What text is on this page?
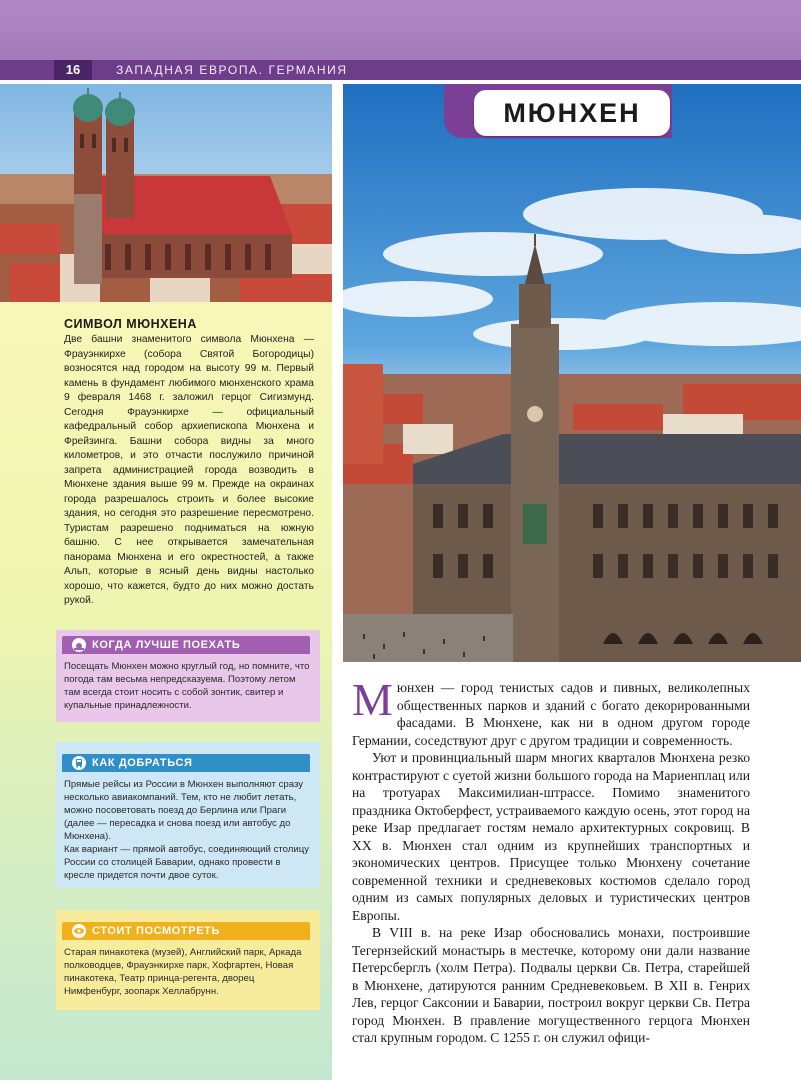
16	ЗАПАДНАЯ ЕВРОПА. ГЕРМАНИЯ
МЮНХЕН
СИМВОЛ МЮНХЕНА
Две башни знаменитого символа Мюнхена — Фрауэнкирхе (собора Святой Богородицы) возносятся над городом на высоту 99 м. Первый камень в фундамент любимого мюнхенского храма 9 февраля 1468 г. заложил герцог Сигизмунд. Сегодня Фрауэнкирхе — официальный кафедральный собор архиепископа Мюнхена и Фрейзинга. Башни собора видны за много километров, и это отчасти послужило причиной запрета администрацией города возводить в Мюнхене здания выше 99 м. Прежде на окраинах города разрешалось строить и более высокие здания, но сегодня это разрешение пересмотрено. Туристам разрешено подниматься на южную башню. С нее открывается замечательная панорама Мюнхена и его окрестностей, а также Альп, которые в ясный день видны настолько хорошо, что кажется, будто до них можно достать рукой.
КОГДА ЛУЧШЕ ПОЕХАТЬ
Посещать Мюнхен можно круглый год, но помните, что погода там весьма непредсказуема. Поэтому летом там всегда стоит носить с собой зонтик, свитер и купальные принадлежности.
КАК ДОБРАТЬСЯ
Прямые рейсы из России в Мюнхен выполняют сразу несколько авиакомпаний. Тем, кто не любит летать, можно посоветовать поезд до Берлина или Праги (далее — пересадка и снова поезд или автобус до Мюнхена).
Как вариант — прямой автобус, соединяющий столицу России со столицей Баварии, однако провести в кресле придется почти двое суток.
СТОИТ ПОСМОТРЕТЬ
Старая пинакотека (музей), Английский парк, Аркада полководцев, Фрауэнкирхе парк, Хофгартен, Новая пинакотека, Театр принца-регента, дворец Нимфенбург, зоопарк Хеллабрунн.

Мюнхен — город тенистых садов и пивных, великолепных общественных парков и зданий с богато декорированными фасадами. В Мюнхене, как ни в одном другом городе Германии, соседствуют друг с другом традиции и современность.

Уют и провинциальный шарм многих кварталов Мюнхена резко контрастируют с суетой жизни большого города на Мариенплац или на тротуарах Максимилиан-штрассе. Помимо знаменитого праздника Октоберфест, устраиваемого каждую осень, этот город на реке Изар предлагает гостям немало архитектурных сокровищ. В XX в. Мюнхен стал одним из крупнейших транспортных и экономических центров. Присущее только Мюнхену сочетание современной техники и средневековых костюмов сделало город одним из самых популярных деловых и туристических центров Европы.

В VIII в. на реке Изар обосновались монахи, построившие Тегернзейский монастырь в местечке, которому они дали название Петерсберглъ (холм Петра). Подвалы церкви Св. Петра, старейшей в Мюнхене, датируются ранним Средневековьем. В XII в. Генрих Лев, герцог Саксонии и Баварии, построил вокруг церкви Св. Петра город Мюнхен. В правление могущественного герцога Мюнхен стал крупным городом. С 1255 г. он служил офици-
